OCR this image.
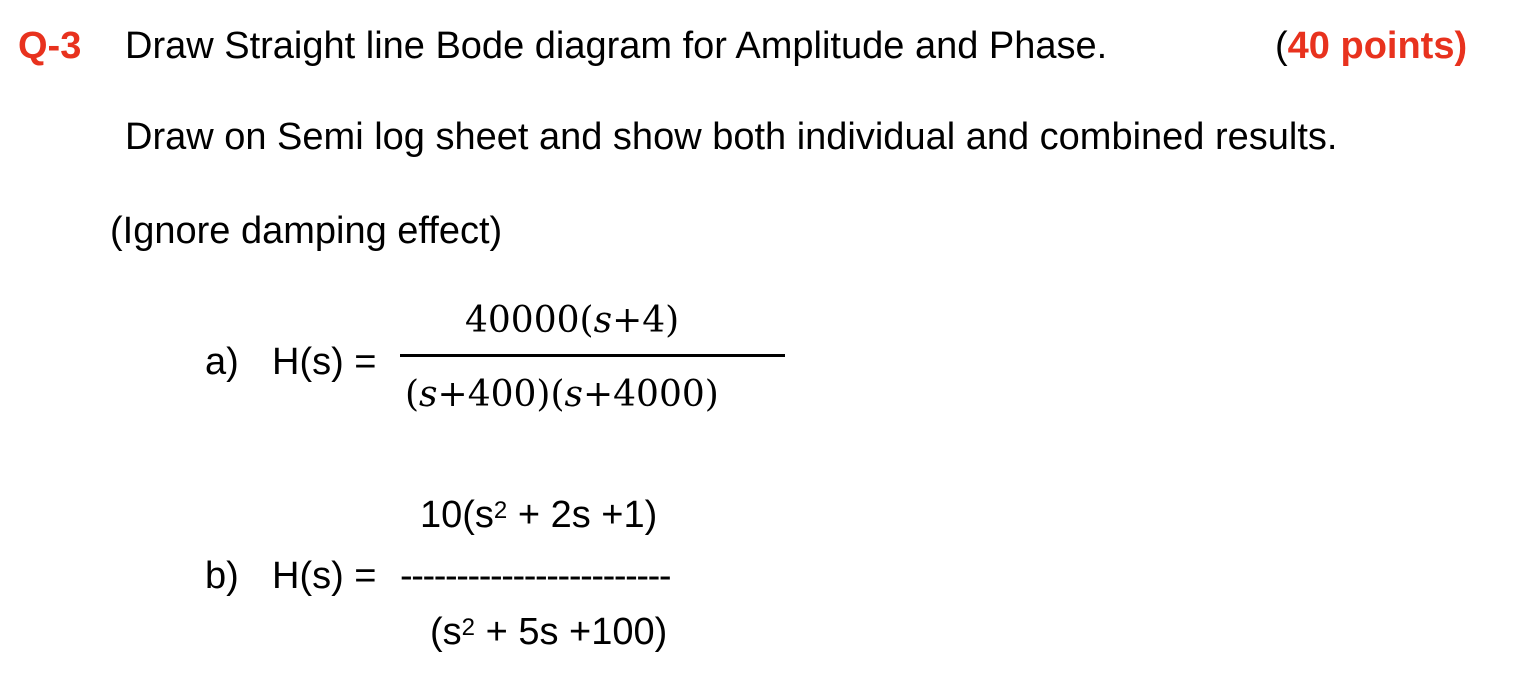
Q-3 Draw Straight line Bode diagram for Amplitude and Phase.	(40 points)
Draw on Semi log sheet and show both individual and combined results.
(Ignore damping effect)
a) H(s) =
40000(s+4)
(s+400)(s+4000)
$10(s^2 + 2s +1)$
b) H(s) = ------------------------
$(s^2 + 5s +100)$
